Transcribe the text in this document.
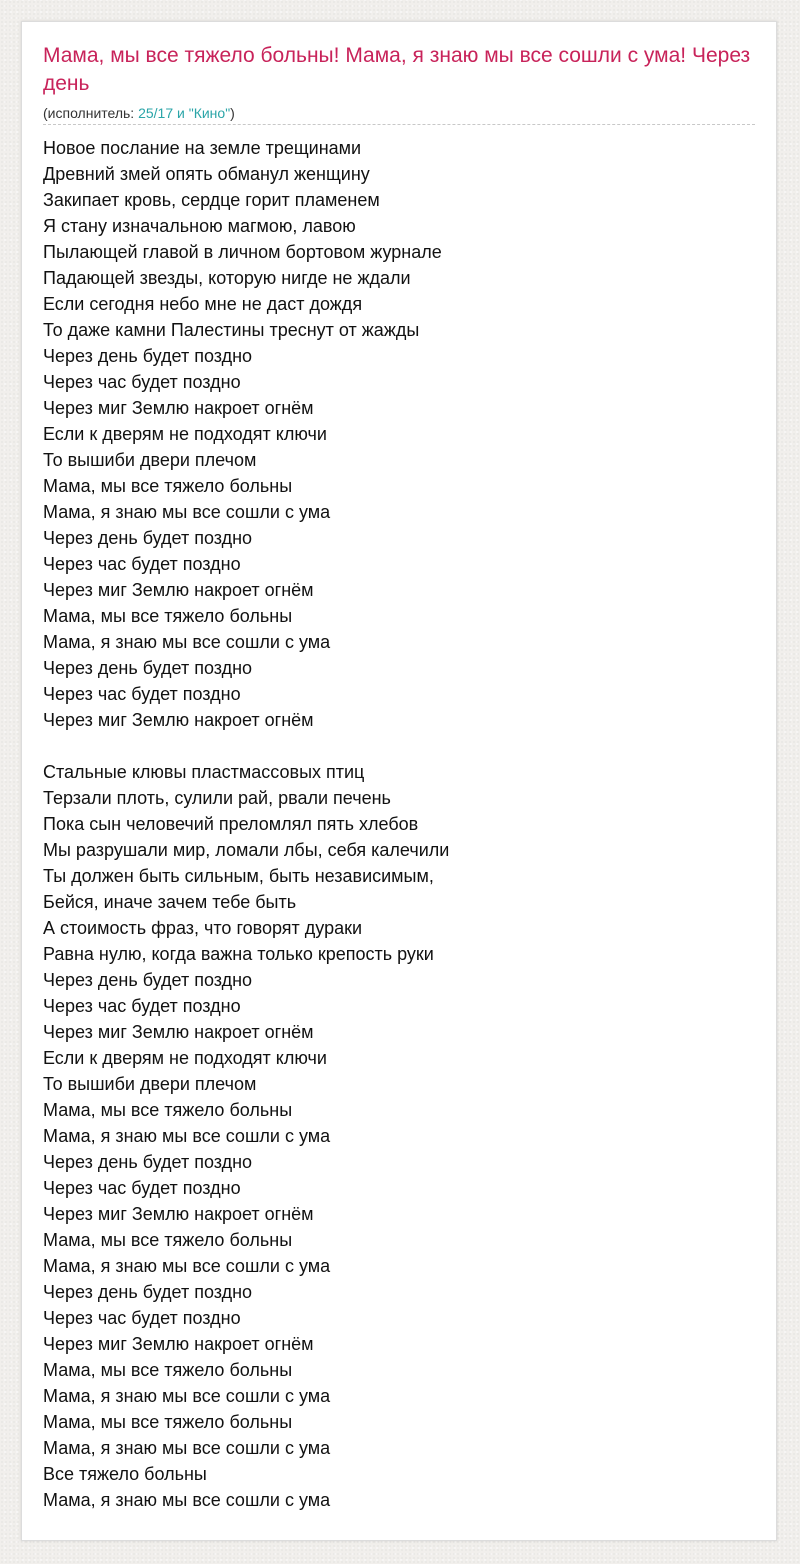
Мама, мы все тяжело больны! Мама, я знаю мы все сошли с ума! Через день

(исполнитель: 25/17 и "Кино")

Новое послание на земле трещинами
Древний змей опять обманул женщину
Закипает кровь, сердце горит пламенем
Я стану изначальною магмою, лавою
Пылающей главой в личном бортовом журнале
Падающей звезды, которую нигде не ждали
Если сегодня небо мне не даст дождя
То даже камни Палестины треснут от жажды
Через день будет поздно
Через час будет поздно
Через миг Землю накроет огнём
Если к дверям не подходят ключи
То вышиби двери плечом
Мама, мы все тяжело больны
Мама, я знаю мы все сошли с ума
Через день будет поздно
Через час будет поздно
Через миг Землю накроет огнём
Мама, мы все тяжело больны
Мама, я знаю мы все сошли с ума
Через день будет поздно
Через час будет поздно
Через миг Землю накроет огнём
Стальные клювы пластмассовых птиц
Терзали плоть, сулили рай, рвали печень
Пока сын человечий преломлял пять хлебов
Мы разрушали мир, ломали лбы, себя калечили
Ты должен быть сильным, быть независимым,
Бейся, иначе зачем тебе быть
А стоимость фраз, что говорят дураки
Равна нулю, когда важна только крепость руки
Через день будет поздно
Через час будет поздно
Через миг Землю накроет огнём
Если к дверям не подходят ключи
То вышиби двери плечом
Мама, мы все тяжело больны
Мама, я знаю мы все сошли с ума
Через день будет поздно
Через час будет поздно
Через миг Землю накроет огнём
Мама, мы все тяжело больны
Мама, я знаю мы все сошли с ума
Через день будет поздно
Через час будет поздно
Через миг Землю накроет огнём
Мама, мы все тяжело больны
Мама, я знаю мы все сошли с ума
Мама, мы все тяжело больны
Мама, я знаю мы все сошли с ума
Все тяжело больны
Мама, я знаю мы все сошли с ума
